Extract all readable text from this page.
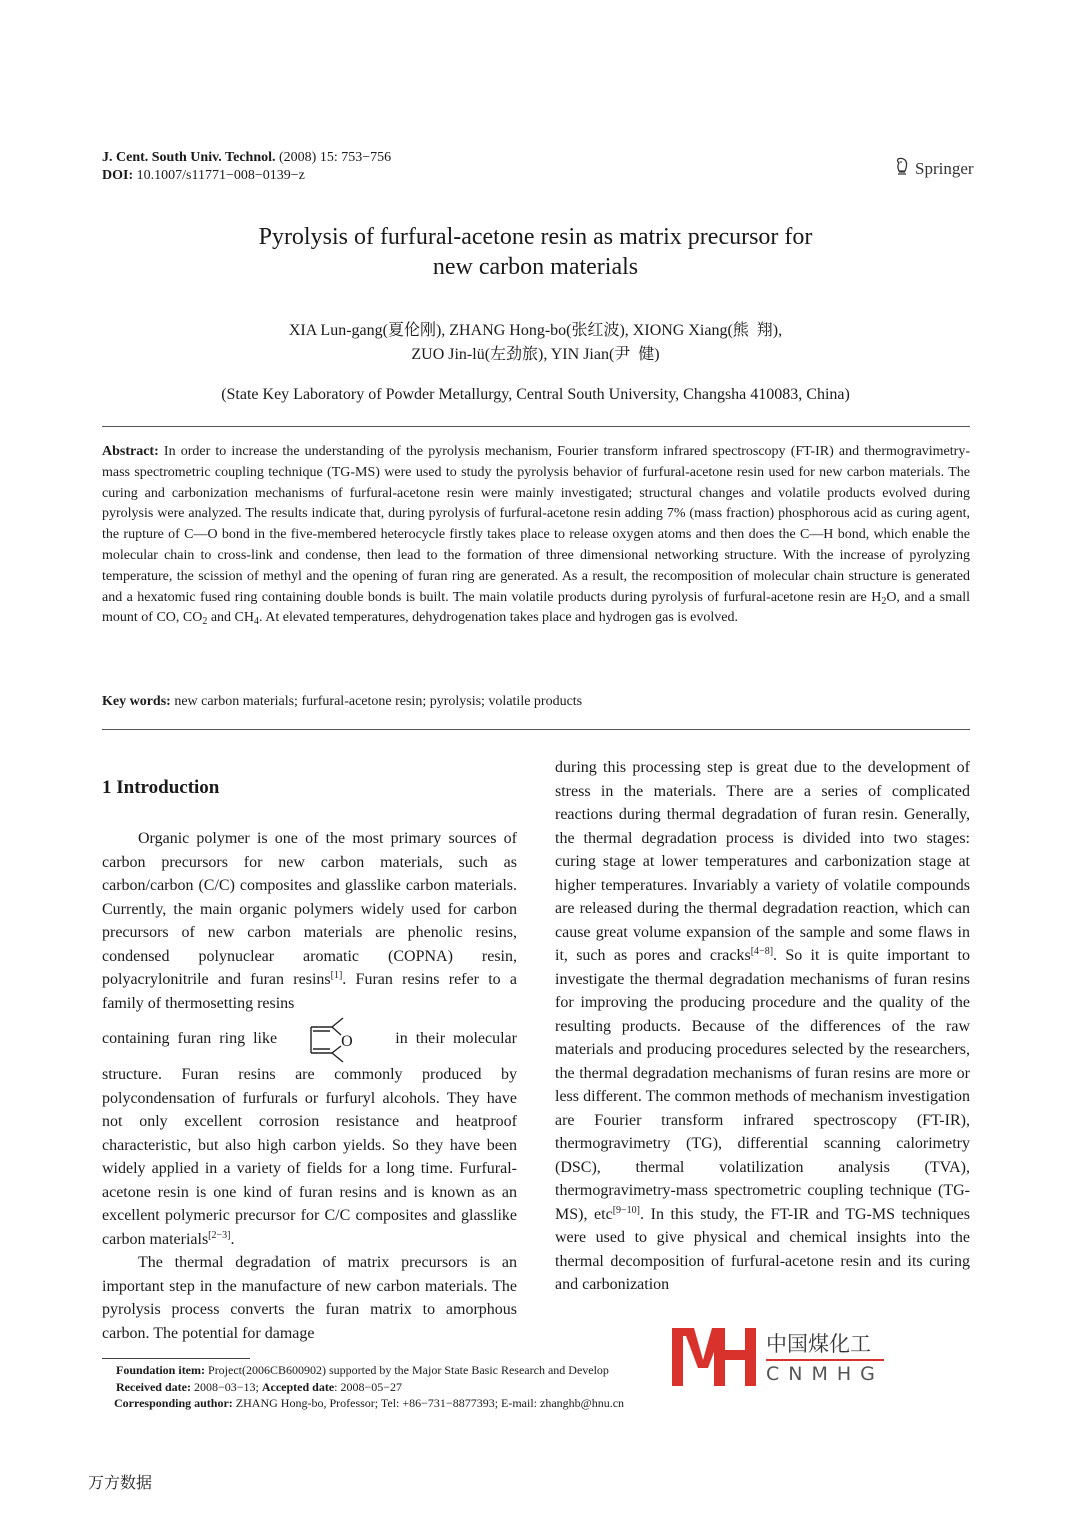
J. Cent. South Univ. Technol. (2008) 15: 753−756
DOI: 10.1007/s11771−008−0139−z	Springer
Pyrolysis of furfural-acetone resin as matrix precursor for
new carbon materials
XIA Lun-gang(夏伦刚), ZHANG Hong-bo(张红波), XIONG Xiang(熊  翔),
ZUO Jin-lü(左劲旅), YIN Jian(尹  健)
(State Key Laboratory of Powder Metallurgy, Central South University, Changsha 410083, China)
Abstract: In order to increase the understanding of the pyrolysis mechanism, Fourier transform infrared spectroscopy (FT-IR) and thermogravimetry-mass spectrometric coupling technique (TG-MS) were used to study the pyrolysis behavior of furfural-acetone resin used for new carbon materials. The curing and carbonization mechanisms of furfural-acetone resin were mainly investigated; structural changes and volatile products evolved during pyrolysis were analyzed. The results indicate that, during pyrolysis of furfural-acetone resin adding 7% (mass fraction) phosphorous acid as curing agent, the rupture of C—O bond in the five-membered heterocycle firstly takes place to release oxygen atoms and then does the C—H bond, which enable the molecular chain to cross-link and condense, then lead to the formation of three dimensional networking structure. With the increase of pyrolyzing temperature, the scission of methyl and the opening of furan ring are generated. As a result, the recomposition of molecular chain structure is generated and a hexatomic fused ring containing double bonds is built. The main volatile products during pyrolysis of furfural-acetone resin are $H_2O$, and a small mount of CO, $CO_2$ and $CH_4$. At elevated temperatures, dehydrogenation takes place and hydrogen gas is evolved.
Key words: new carbon materials; furfural-acetone resin; pyrolysis; volatile products
1 Introduction

Organic polymer is one of the most primary sources of carbon precursors for new carbon materials, such as carbon/carbon (C/C) composites and glasslike carbon materials. Currently, the main organic polymers widely used for carbon precursors of new carbon materials are phenolic resins, condensed polynuclear aromatic (COPNA) resin, polyacrylonitrile and furan resins[1]. Furan resins refer to a family of thermosetting resins

containing  furan  ring  like	O	in  their  molecular

structure. Furan resins are commonly produced by polycondensation of furfurals or furfuryl alcohols. They have not only excellent corrosion resistance and heatproof characteristic, but also high carbon yields. So they have been widely applied in a variety of fields for a long time. Furfural-acetone resin is one kind of furan resins and is known as an excellent polymeric precursor for C/C composites and glasslike carbon materials[2−3].

The thermal degradation of matrix precursors is an important step in the manufacture of new carbon materials. The pyrolysis process converts the furan matrix to amorphous carbon. The potential for damage

during this processing step is great due to the development of stress in the materials. There are a series of complicated reactions during thermal degradation of furan resin. Generally, the thermal degradation process is divided into two stages: curing stage at lower temperatures and carbonization stage at higher temperatures. Invariably a variety of volatile compounds are released during the thermal degradation reaction, which can cause great volume expansion of the sample and some flaws in it, such as pores and cracks[4−8]. So it is quite important to investigate the thermal degradation mechanisms of furan resins for improving the producing procedure and the quality of the resulting products. Because of the differences of the raw materials and producing procedures selected by the researchers, the thermal degradation mechanisms of furan resins are more or less different. The common methods of mechanism investigation are Fourier transform infrared spectroscopy (FT-IR), thermogravimetry (TG), differential scanning calorimetry (DSC), thermal volatilization analysis (TVA), thermogravimetry-mass spectrometric coupling technique (TG-MS), etc[9−10]. In this study, the FT-IR and TG-MS techniques were used to give physical and chemical insights into the thermal decomposition of furfural-acetone resin and its curing and carbonization

Foundation item: Project(2006CB600902) supported by the Major State Basic Research and Develop
Received date: 2008−03−13; Accepted date: 2008−05−27
Corresponding author: ZHANG Hong-bo, Professor; Tel: +86−731−8877393; E-mail: zhanghb@hnu.cn
中国煤化工
CNMHG
万方数据
